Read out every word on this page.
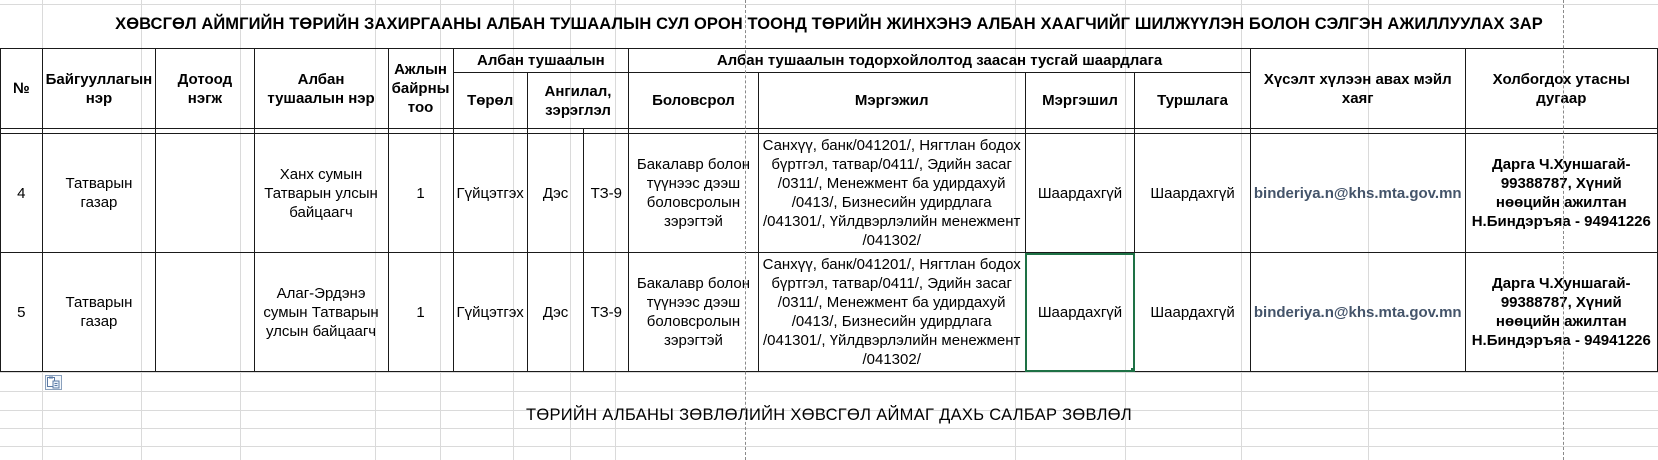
ХӨВСГӨЛ АЙМГИЙН ТӨРИЙН ЗАХИРГААНЫ АЛБАН ТУШААЛЫН СУЛ ОРОН ТООНД ТӨРИЙН ЖИНХЭНЭ АЛБАН ХААГЧИЙГ ШИЛЖҮҮЛЭН БОЛОН СЭЛГЭН АЖИЛЛУУЛАХ ЗАР
№	Байгууллагын нэр	Дотоод нэгж	Албан тушаалын нэр	Ажлын байрны тоо	Албан тушаалын			Албан тушаалын тодорхойлолтод заасан тусгай шаардлага				Хүсэлт хүлээн авах мэйл хаяг	Холбогдох утасны дугаар
					Төрөл	Ангилал, зэрэглэл		Боловсрол	Мэргэжил	Мэргэшил	Туршлага		

4	Татварын газар		Ханх сумын Татварын улсын байцаагч	1	Гүйцэтгэх	Дэс	ТЗ-9	Бакалавр болон түүнээс дээш боловсролын зэрэгтэй	Санхүү, банк/041201/, Нягтлан бодох бүртгэл, татвар/0411/, Эдийн засаг /0311/, Менежмент ба удирдахуй /0413/, Бизнесийн удирдлага /041301/, Үйлдвэрлэлийн менежмент /041302/	Шаардахгүй	Шаардахгүй	binderiya.n@khs.mta.gov.mn	Дарга Ч.Хуншагай- 99388787, Хүний нөөцийн ажилтан Н.Биндэръяа - 94941226
5	Татварын газар		Алаг-Эрдэнэ сумын Татварын улсын байцаагч	1	Гүйцэтгэх	Дэс	ТЗ-9	Бакалавр болон түүнээс дээш боловсролын зэрэгтэй	Санхүү, банк/041201/, Нягтлан бодох бүртгэл, татвар/0411/, Эдийн засаг /0311/, Менежмент ба удирдахуй /0413/, Бизнесийн удирдлага /041301/, Үйлдвэрлэлийн менежмент /041302/	Шаардахгүй	Шаардахгүй	binderiya.n@khs.mta.gov.mn	Дарга Ч.Хуншагай- 99388787, Хүний нөөцийн ажилтан Н.Биндэръяа - 94941226
ТӨРИЙН АЛБАНЫ ЗӨВЛӨЛИЙН ХӨВСГӨЛ АЙМАГ ДАХЬ САЛБАР ЗӨВЛӨЛ
